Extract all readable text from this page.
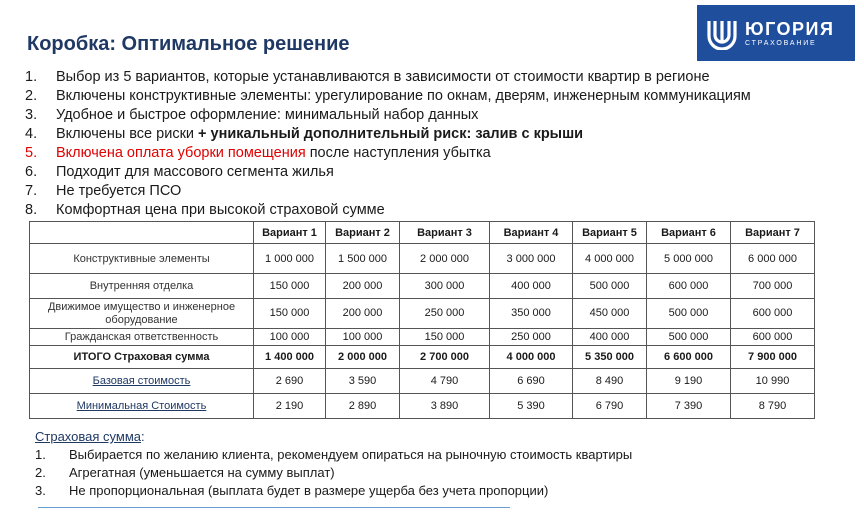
Коробка: Оптимальное решение
ЮГОРИЯ
СТРАХОВАНИЕ
1. Выбор из 5 вариантов, которые устанавливаются в зависимости от стоимости квартир в регионе
2. Включены конструктивные элементы: урегулирование по окнам, дверям, инженерным коммуникациям
3. Удобное и быстрое оформление: минимальный набор данных
4. Включены все риски + уникальный дополнительный риск: залив с крыши
5. Включена оплата уборки помещения после наступления убытка
6. Подходит для массового сегмента жилья
7. Не требуется ПСО
8. Комфортная цена при высокой страховой сумме
	Вариант 1	Вариант 2	Вариант 3	Вариант 4	Вариант 5	Вариант 6	Вариант 7
Конструктивные элементы	1 000 000	1 500 000	2 000 000	3 000 000	4 000 000	5 000 000	6 000 000
Внутренняя отделка	150 000	200 000	300 000	400 000	500 000	600 000	700 000
Движимое имущество и инженерное оборудование	150 000	200 000	250 000	350 000	450 000	500 000	600 000
Гражданская ответственность	100 000	100 000	150 000	250 000	400 000	500 000	600 000
ИТОГО Страховая сумма	1 400 000	2 000 000	2 700 000	4 000 000	5 350 000	6 600 000	7 900 000
Базовая стоимость	2 690	3 590	4 790	6 690	8 490	9 190	10 990
Минимальная Стоимость	2 190	2 890	3 890	5 390	6 790	7 390	8 790
Страховая сумма:
1. Выбирается по желанию клиента, рекомендуем опираться на рыночную стоимость квартиры
2. Агрегатная (уменьшается на сумму выплат)
3. Не пропорциональная (выплата будет в размере ущерба без учета пропорции)
